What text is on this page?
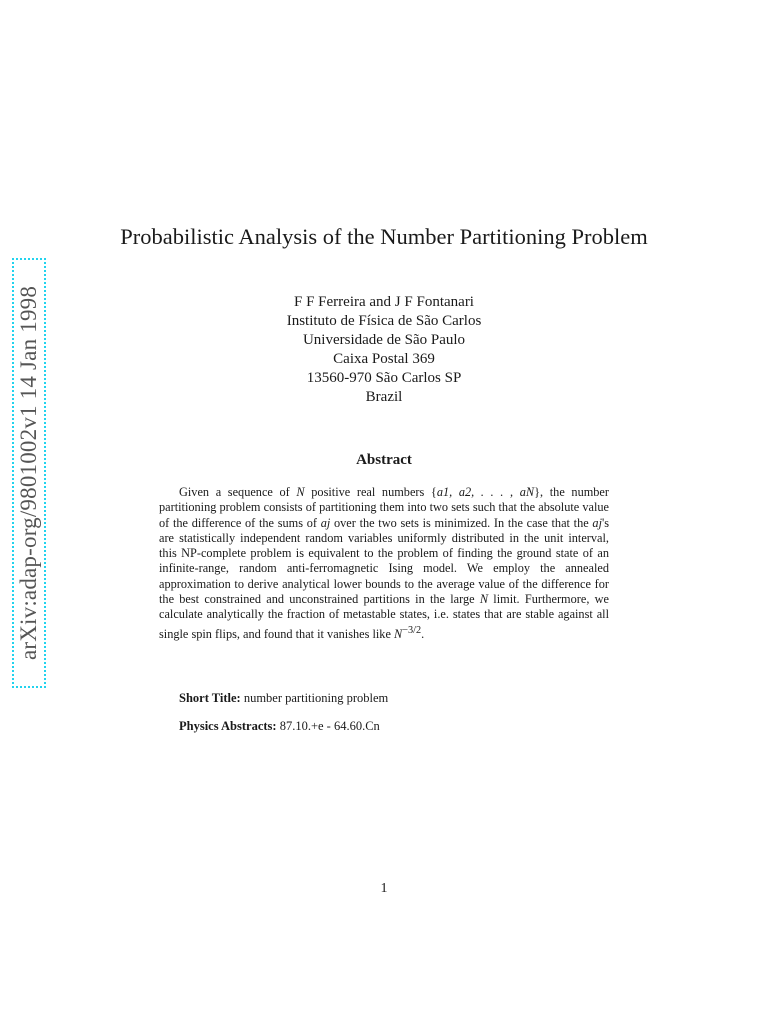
arXiv:adap-org/9801002v1 14 Jan 1998
Probabilistic Analysis of the Number Partitioning Problem
F F Ferreira and J F Fontanari
Instituto de Física de São Carlos
Universidade de São Paulo
Caixa Postal 369
13560-970 São Carlos SP
Brazil
Abstract

Given a sequence of N positive real numbers {a1, a2, . . . , aN}, the number partitioning problem consists of partitioning them into two sets such that the absolute value of the difference of the sums of aj over the two sets is minimized. In the case that the aj's are statistically independent random variables uniformly distributed in the unit interval, this NP-complete problem is equivalent to the problem of finding the ground state of an infinite-range, random anti-ferromagnetic Ising model. We employ the annealed approximation to derive analytical lower bounds to the average value of the difference for the best constrained and unconstrained partitions in the large N limit. Furthermore, we calculate analytically the fraction of metastable states, i.e. states that are stable against all single spin flips, and found that it vanishes like $N^{-3/2}$.

Short Title: number partitioning problem
Physics Abstracts: 87.10.+e - 64.60.Cn
1
